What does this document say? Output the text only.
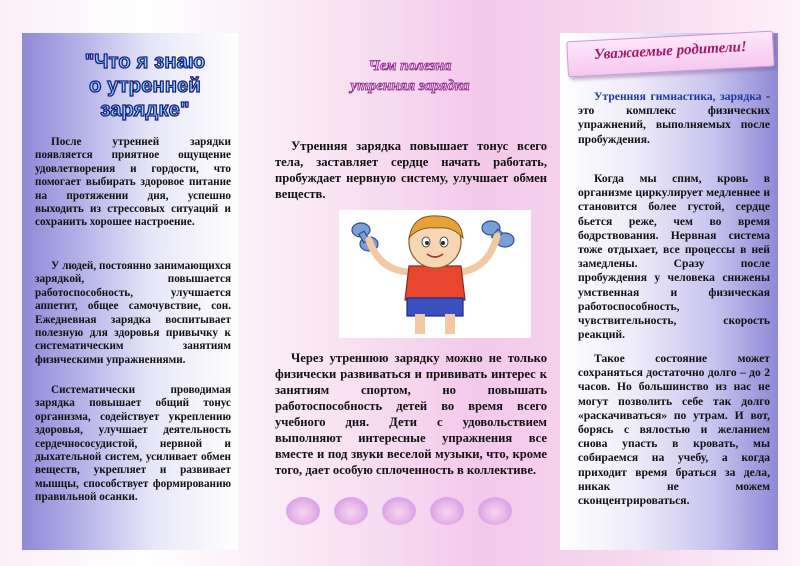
"Что я знаю
о утренней зарядке"

После утренней зарядки появляется приятное ощущение удовлетворения и гордости, что помогает выбирать здоровое питание на протяжении дня, успешно выходить из стрессовых ситуаций и сохранить хорошее настроение.

У людей, постоянно занимающихся зарядкой, повышается работоспособность, улучшается аппетит, общее самочувствие, сон. Ежедневная зарядка воспитывает полезную для здоровья привычку к систематическим занятиям физическими упражнениями.

Систематически проводимая зарядка повышает общий тонус организма, содействует укреплению здоровья, улучшает деятельность сердечнососудистой, нервной и дыхательной систем, усиливает обмен веществ, укрепляет и развивает мышцы, способствует формированию правильной осанки.

Чем полезна
утренняя зарядка

Утренняя зарядка повышает тонус всего тела, заставляет сердце начать работать, пробуждает нервную систему, улучшает обмен веществ.

Через утреннюю зарядку можно не только физически развиваться и прививать интерес к занятиям спортом, но повышать работоспособность детей во время всего учебного дня. Дети с удовольствием выполняют интересные упражнения все вместе и под звуки веселой музыки, что, кроме того, дает особую сплоченность в коллективе.

Уважаемые родители!

Утренняя гимнастика, зарядка - это комплекс физических упражнений, выполняемых после пробуждения.

Когда мы спим, кровь в организме циркулирует медленнее и становится более густой, сердце бьется реже, чем во время бодрствования. Нервная система тоже отдыхает, все процессы в ней замедлены. Сразу после пробуждения у человека снижены умственная и физическая работоспособность, чувствительность, скорость реакций.

Такое состояние может сохраняться достаточно долго – до 2 часов. Но большинство из нас не могут позволить себе так долго «раскачиваться» по утрам. И вот, борясь с вялостью и желанием снова упасть в кровать, мы собираемся на учебу, а когда приходит время браться за дела, никак не можем сконцентрироваться.
